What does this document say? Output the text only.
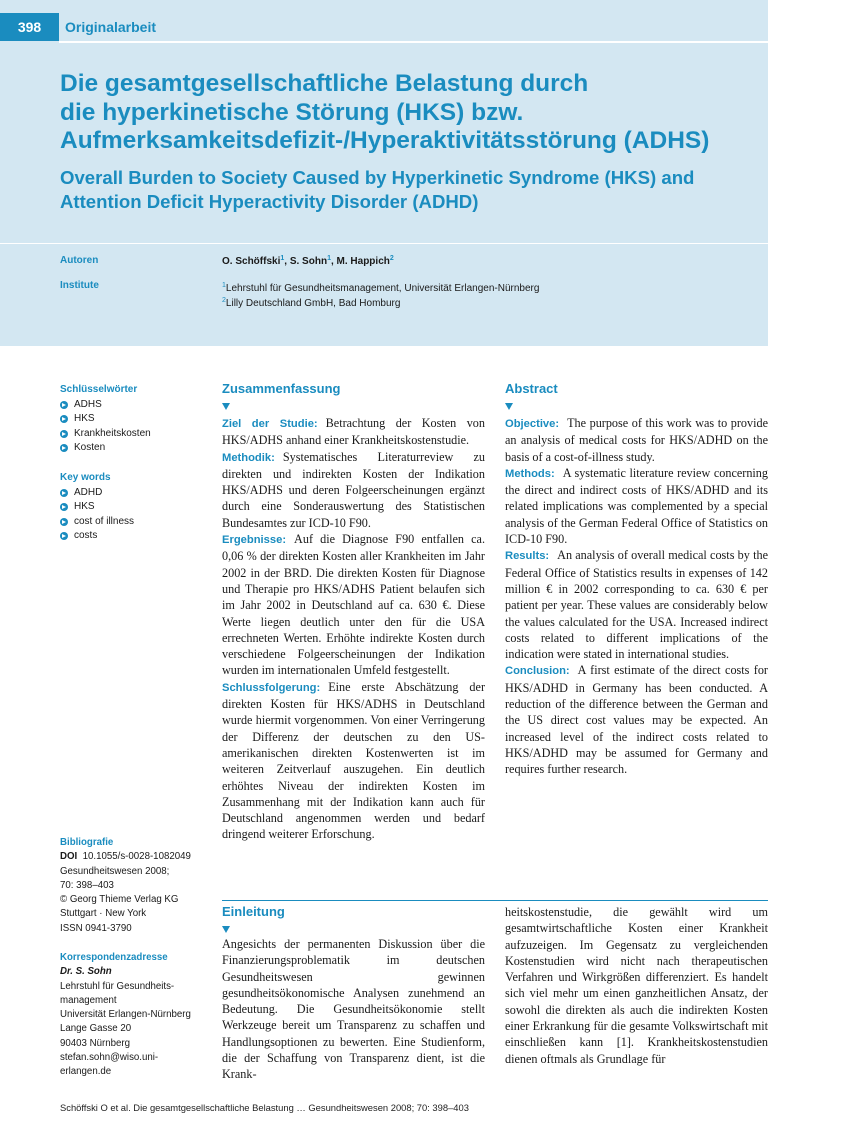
398	Originalarbeit
Die gesamtgesellschaftliche Belastung durch
die hyperkinetische Störung (HKS) bzw.
Aufmerksamkeitsdefizit-/Hyperaktivitätsstörung (ADHS)
Overall Burden to Society Caused by Hyperkinetic Syndrome (HKS) and
Attention Deficit Hyperactivity Disorder (ADHD)
Autoren
Institute
O. Schöffski$^1$, S. Sohn$^1$, M. Happich$^2$
$^1$Lehrstuhl für Gesundheitsmanagement, Universität Erlangen-Nürnberg
$^2$Lilly Deutschland GmbH, Bad Homburg
Schlüsselwörter
ADHS
HKS
Krankheitskosten
Kosten
Key words
ADHD
HKS
cost of illness
costs
Zusammenfassung

Ziel der Studie: Betrachtung der Kosten von HKS/ADHS anhand einer Krankheitskostenstudie.

Methodik: Systematisches Literaturreview zu direkten und indirekten Kosten der Indikation HKS/ADHS und deren Folgeerscheinungen ergänzt durch eine Sonderauswertung des Statistischen Bundesamtes zur ICD-10 F90.

Ergebnisse: Auf die Diagnose F90 entfallen ca. 0,06 % der direkten Kosten aller Krankheiten im Jahr 2002 in der BRD. Die direkten Kosten für Diagnose und Therapie pro HKS/ADHS Patient belaufen sich im Jahr 2002 in Deutschland auf ca. 630 €. Diese Werte liegen deutlich unter den für die USA errechneten Werten. Erhöhte indirekte Kosten durch verschiedene Folgeerscheinungen der Indikation wurden im internationalen Umfeld festgestellt.

Schlussfolgerung: Eine erste Abschätzung der direkten Kosten für HKS/ADHS in Deutschland wurde hiermit vorgenommen. Von einer Verringerung der Differenz der deutschen zu den US-amerikanischen direkten Kostenwerten ist im weiteren Zeitverlauf auszugehen. Ein deutlich erhöhtes Niveau der indirekten Kosten im Zusammenhang mit der Indikation kann auch für Deutschland angenommen werden und bedarf dringend weiterer Erforschung.

Abstract

Objective: The purpose of this work was to provide an analysis of medical costs for HKS/ADHD on the basis of a cost-of-illness study.

Methods: A systematic literature review concerning the direct and indirect costs of HKS/ADHD and its related implications was complemented by a special analysis of the German Federal Office of Statistics on ICD-10 F90.

Results: An analysis of overall medical costs by the Federal Office of Statistics results in expenses of 142 million € in 2002 corresponding to ca. 630 € per patient per year. These values are considerably below the values calculated for the USA. Increased indirect costs related to different implications of the indication were stated in international studies.

Conclusion: A first estimate of the direct costs for HKS/ADHD in Germany has been conducted. A reduction of the difference between the German and the US direct cost values may be expected. An increased level of the indirect costs related to HKS/ADHD may be assumed for Germany and requires further research.

Bibliografie
DOI 10.1055/s-0028-1082049
Gesundheitswesen 2008;
70: 398–403
© Georg Thieme Verlag KG
Stuttgart · New York
ISSN 0941-3790
Korrespondenzadresse
Dr. S. Sohn
Lehrstuhl für Gesundheits-
management
Universität Erlangen-Nürnberg
Lange Gasse 20
90403 Nürnberg
stefan.sohn@wiso.uni-
erlangen.de
Einleitung

Angesichts der permanenten Diskussion über die Finanzierungsproblematik im deutschen Gesundheitswesen gewinnen gesundheitsökonomische Analysen zunehmend an Bedeutung. Die Gesundheitsökonomie stellt Werkzeuge bereit um Transparenz zu schaffen und Handlungsoptionen zu bewerten. Eine Studienform, die der Schaffung von Transparenz dient, ist die Krank-

heitskostenstudie, die gewählt wird um gesamtwirtschaftliche Kosten einer Krankheit aufzuzeigen. Im Gegensatz zu vergleichenden Kostenstudien wird nicht nach therapeutischen Verfahren und Wirkgrößen differenziert. Es handelt sich viel mehr um einen ganzheitlichen Ansatz, der sowohl die direkten als auch die indirekten Kosten einer Erkrankung für die gesamte Volkswirtschaft mit einschließen kann [1]. Krankheitskostenstudien dienen oftmals als Grundlage für

Schöffski O et al. Die gesamtgesellschaftliche Belastung … Gesundheitswesen 2008; 70: 398–403
